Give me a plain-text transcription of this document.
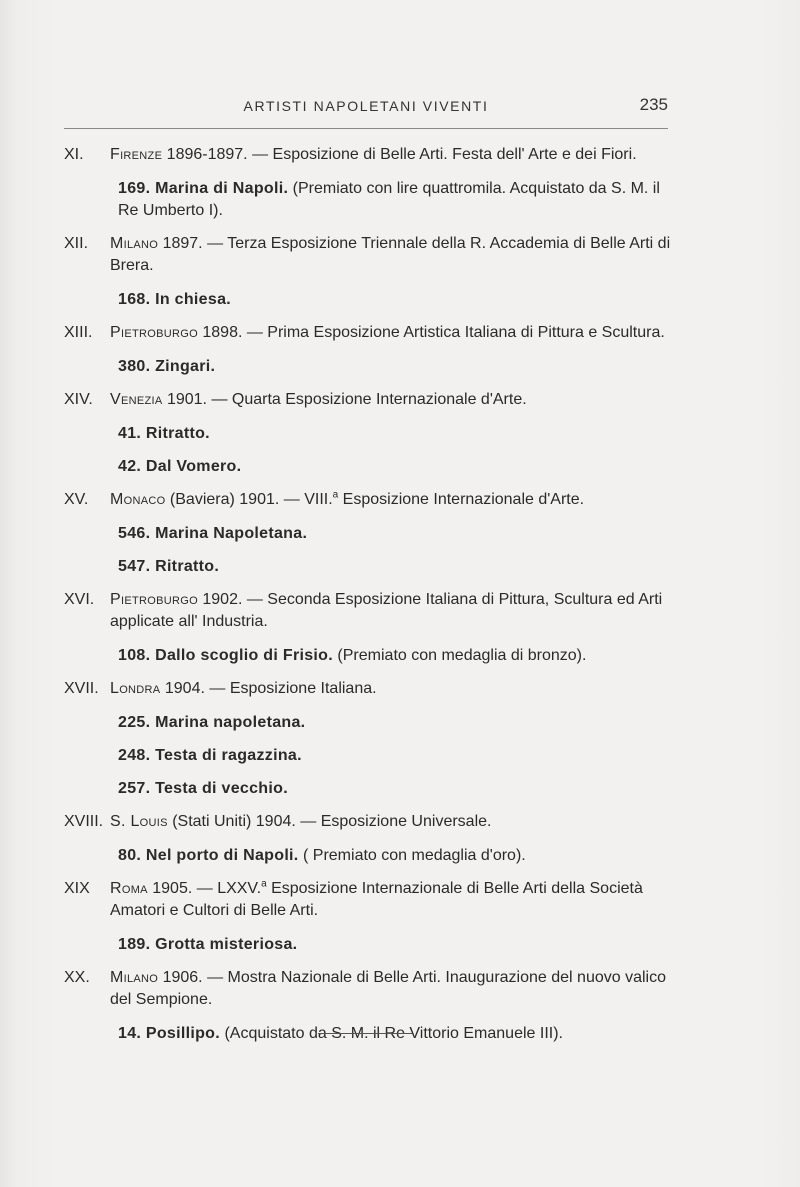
ARTISTI NAPOLETANI VIVENTI	235
XI.	Firenze 1896-1897. — Esposizione di Belle Arti. Festa dell' Arte e dei Fiori.
169. Marina di Napoli. (Premiato con lire quattromila. Acquistato da S. M. il Re Umberto I).
XII.	Milano 1897. — Terza Esposizione Triennale della R. Accademia di Belle Arti di Brera.
168. In chiesa.
XIII.	Pietroburgo 1898. — Prima Esposizione Artistica Italiana di Pittura e Scultura.
380. Zingari.
XIV.	Venezia 1901. — Quarta Esposizione Internazionale d'Arte.
41. Ritratto.
42. Dal Vomero.
XV.	Monaco (Baviera) 1901. — VIII.$^a$ Esposizione Internazionale d'Arte.
546. Marina Napoletana.
547. Ritratto.
XVI. Pietroburgo 1902. — Seconda Esposizione Italiana di Pittura, Scultura ed Arti applicate all' Industria.
108. Dallo scoglio di Frisio. (Premiato con medaglia di bronzo).
XVII. Londra 1904. — Esposizione Italiana.
225. Marina napoletana.
248. Testa di ragazzina.
257. Testa di vecchio.
XVIII. S. Louis (Stati Uniti) 1904. — Esposizione Universale.
80. Nel porto di Napoli. ( Premiato con medaglia d'oro).
XIX	Roma 1905. — LXXV.$^a$ Esposizione Internazionale di Belle Arti della Società Amatori e Cultori di Belle Arti.
189. Grotta misteriosa.
XX.	Milano 1906. — Mostra Nazionale di Belle Arti. Inaugurazione del nuovo valico del Sempione.
14. Posillipo. (Acquistato da S. M. il Re Vittorio Emanuele III).
